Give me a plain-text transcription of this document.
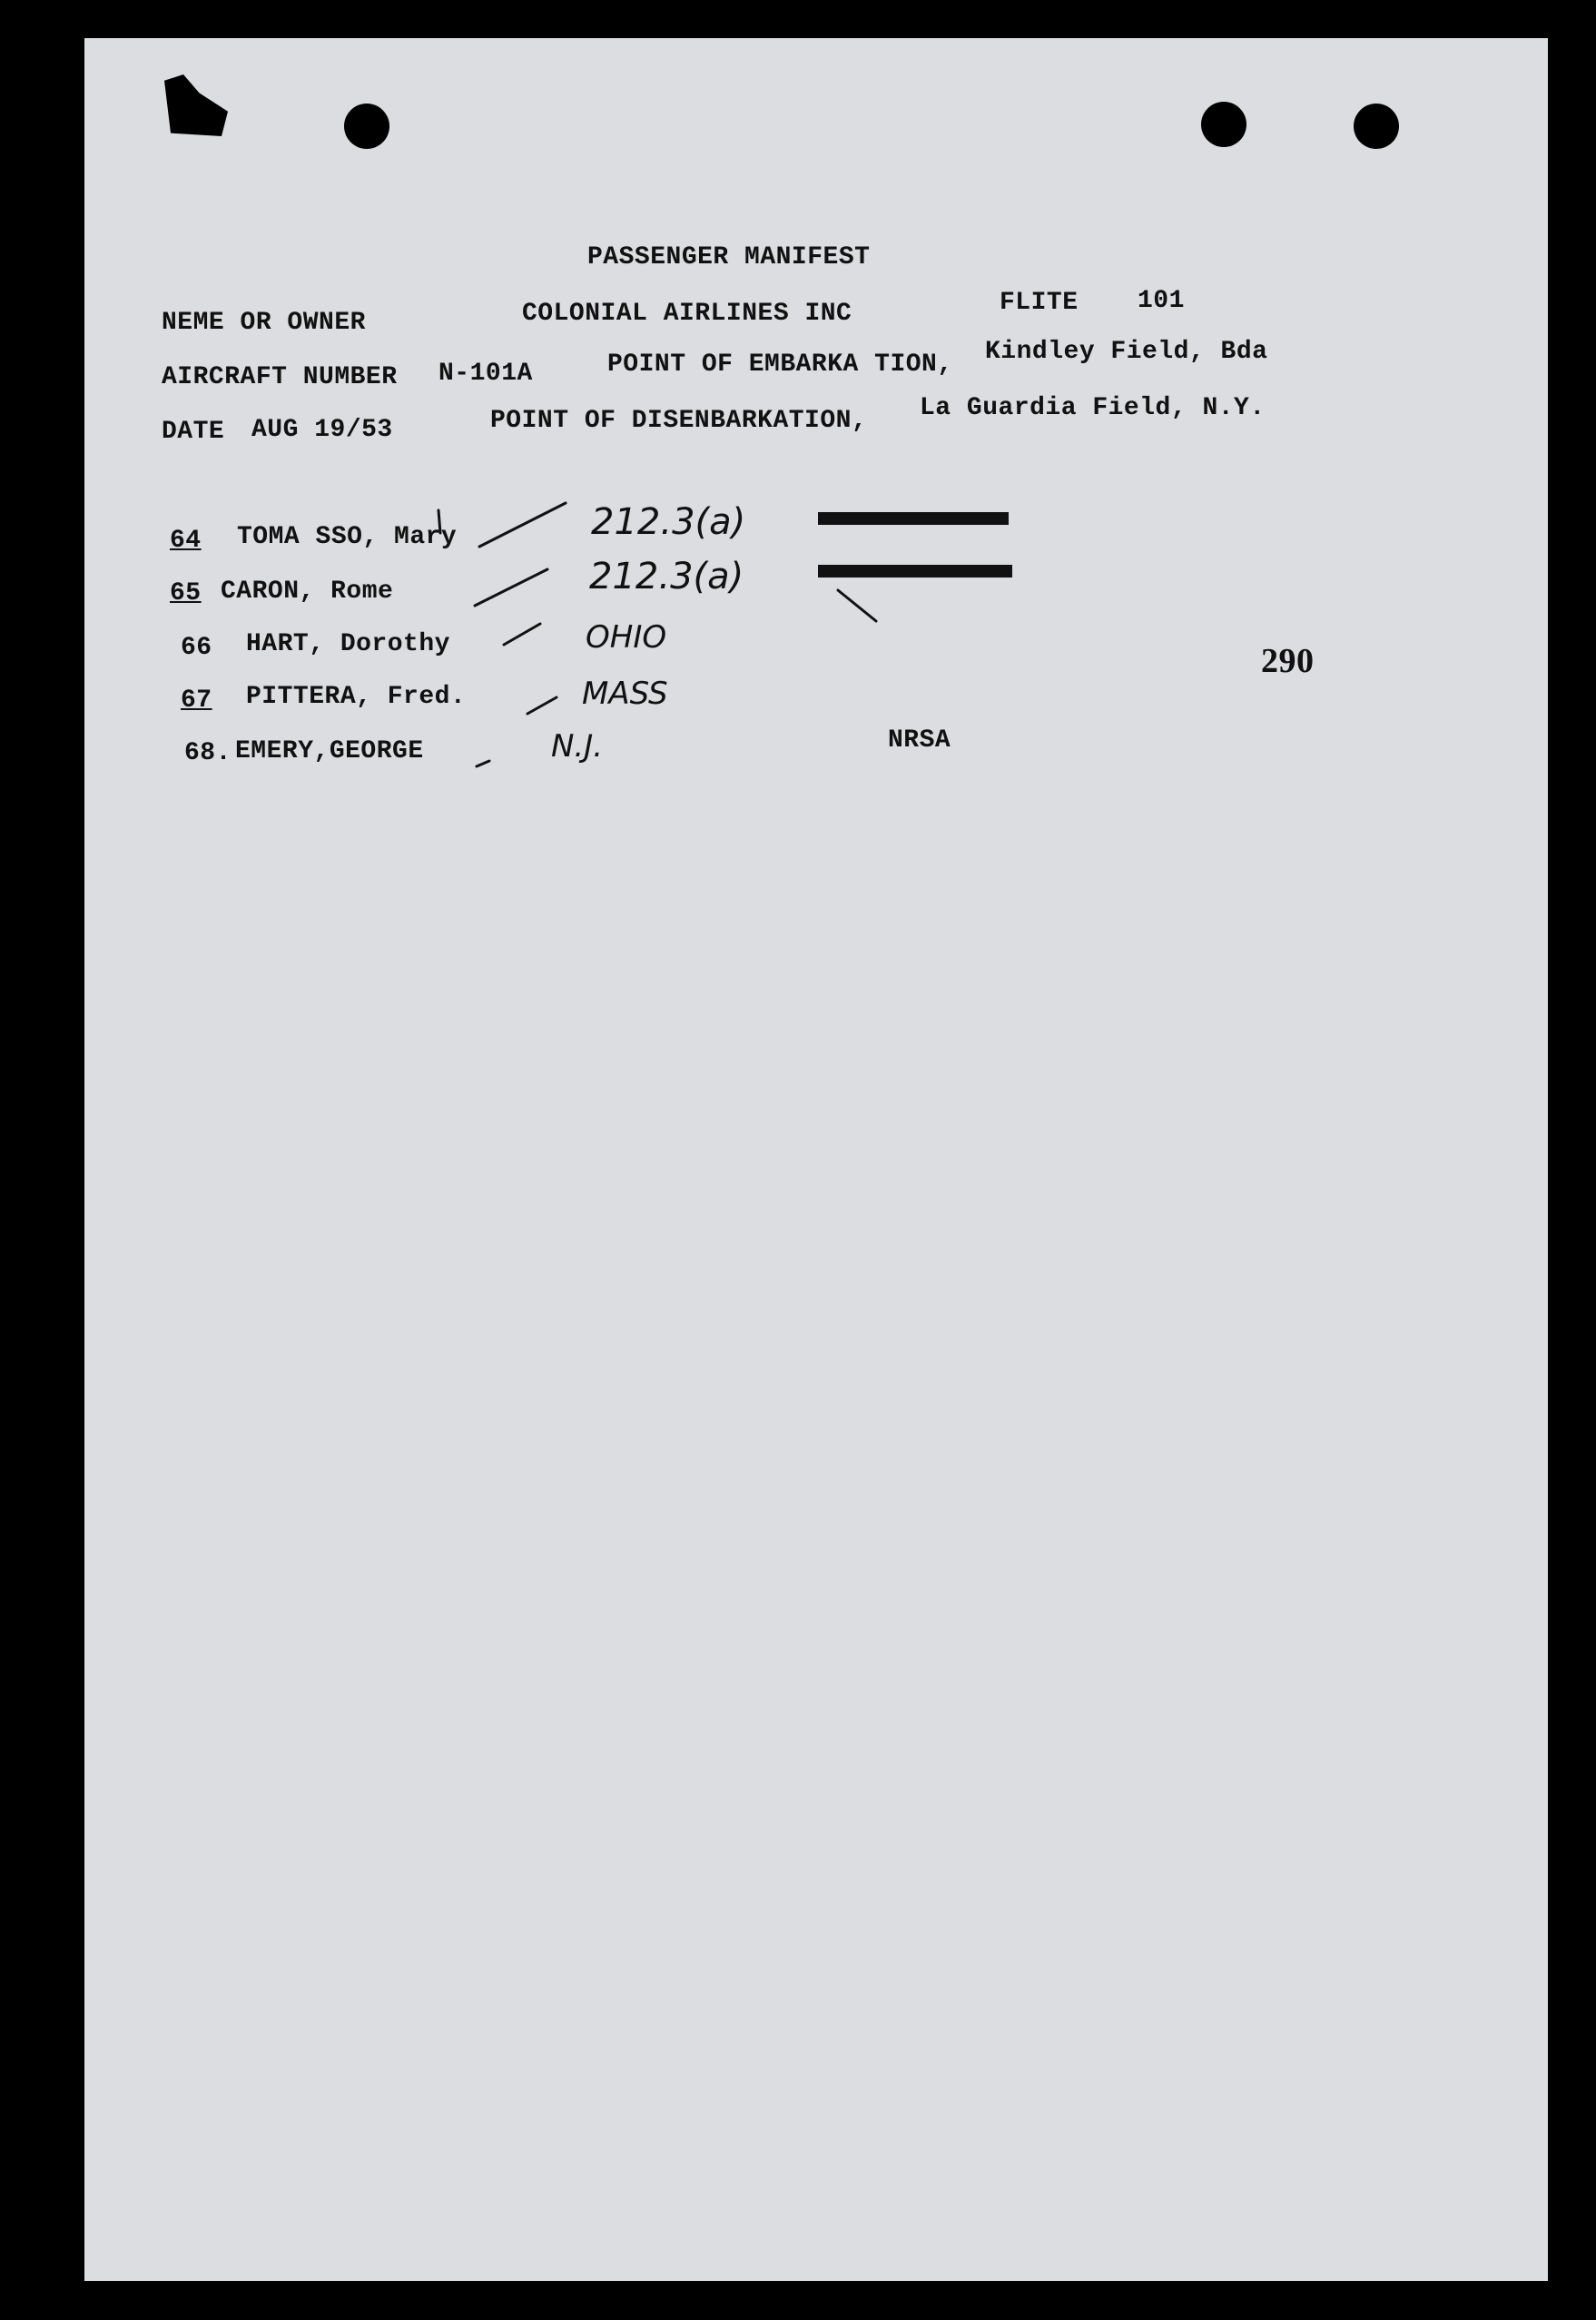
PASSENGER MANIFEST
NEME OR OWNER	COLONIAL AIRLINES INC	FLITE 101
AIRCRAFT NUMBER N-101A	POINT OF EMBARKA TION, Kindley Field, Bda
DATE AUG 19/53	POINT OF DISENBARKATION, La Guardia Field, N.Y.
64 TOMA SSO, Mary	212.3(a)
65 CARON, Rome	212.3(a)
66 HART, Dorothy	OHIO
67 PITTERA, Fred.	MASS
68. EMERY,GEORGE	N.J.
290
NRSA
